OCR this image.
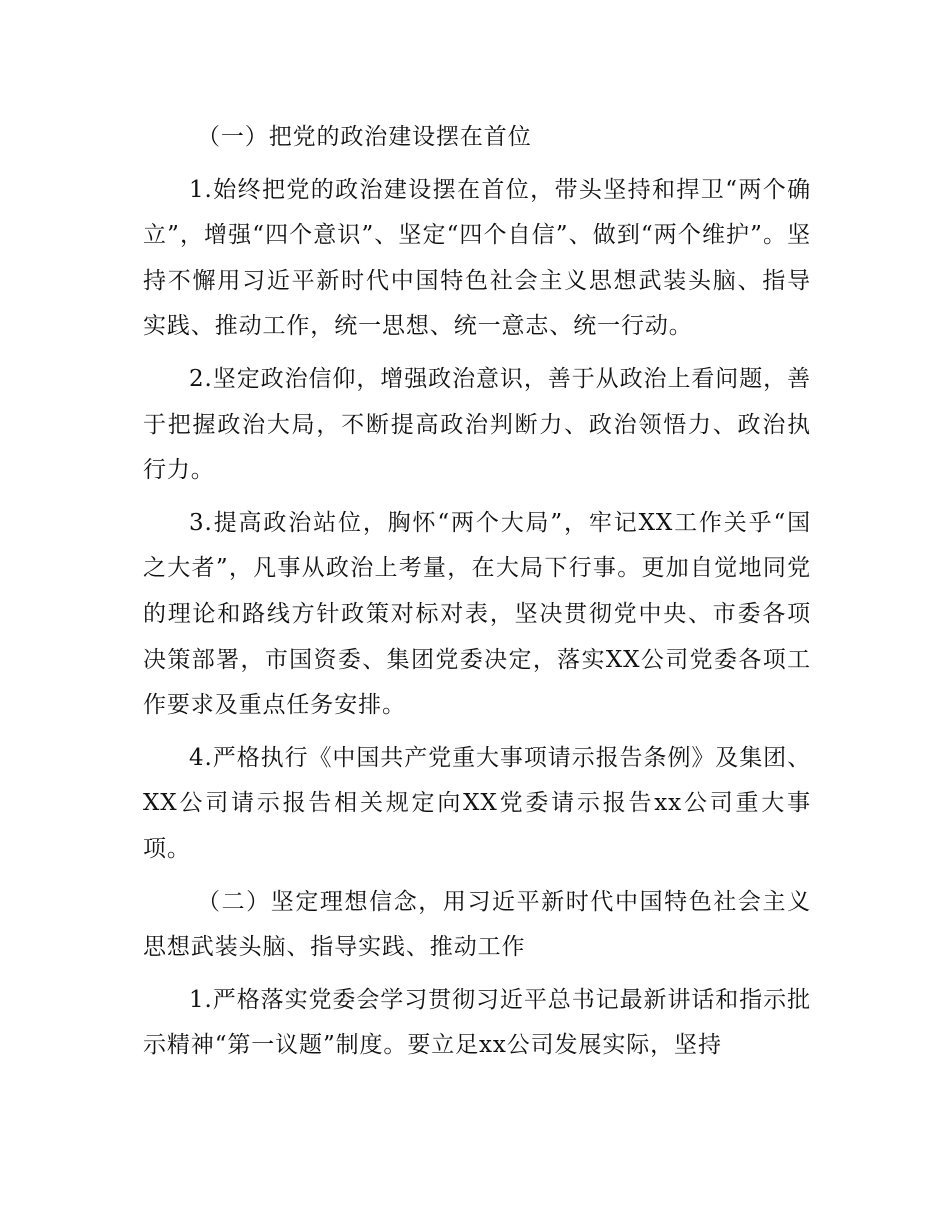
（一）把党的政治建设摆在首位

1.始终把党的政治建设摆在首位，带头坚持和捍卫“两个确立”，增强“四个意识”、坚定“四个自信”、做到“两个维护”。坚持不懈用习近平新时代中国特色社会主义思想武装头脑、指导实践、推动工作，统一思想、统一意志、统一行动。

2.坚定政治信仰，增强政治意识，善于从政治上看问题，善于把握政治大局，不断提高政治判断力、政治领悟力、政治执行力。

3.提高政治站位，胸怀“两个大局”，牢记XX工作关乎“国之大者”，凡事从政治上考量，在大局下行事。更加自觉地同党的理论和路线方针政策对标对表，坚决贯彻党中央、市委各项决策部署，市国资委、集团党委决定，落实XX公司党委各项工作要求及重点任务安排。

4.严格执行《中国共产党重大事项请示报告条例》及集团、XX公司请示报告相关规定向XX党委请示报告xx公司重大事项。

（二）坚定理想信念，用习近平新时代中国特色社会主义思想武装头脑、指导实践、推动工作

1.严格落实党委会学习贯彻习近平总书记最新讲话和指示批示精神“第一议题”制度。要立足xx公司发展实际，坚持
